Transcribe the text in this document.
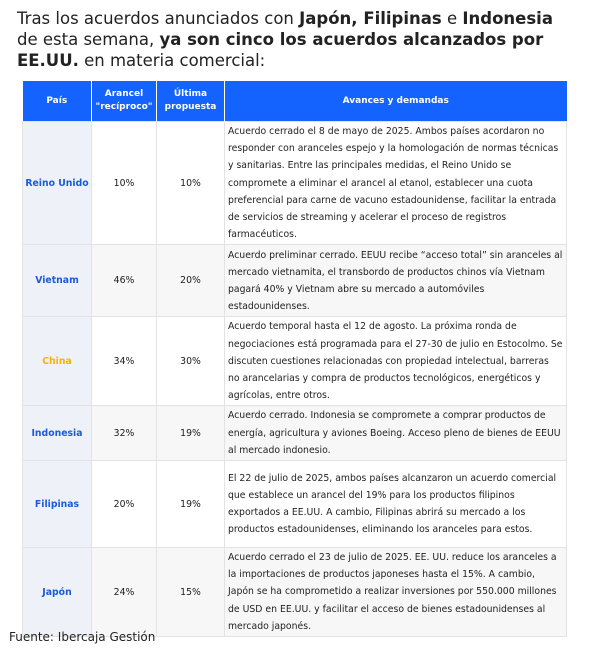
Tras los acuerdos anunciados con Japón, Filipinas e Indonesia de esta semana, ya son cinco los acuerdos alcanzados por EE.UU. en materia comercial:
País	Arancel "recíproco"	Última propuesta	Avances y demandas
Reino Unido	10%	10%	Acuerdo cerrado el 8 de mayo de 2025. Ambos países acordaron no responder con aranceles espejo y la homologación de normas técnicas y sanitarias. Entre las principales medidas, el Reino Unido se compromete a eliminar el arancel al etanol, establecer una cuota preferencial para carne de vacuno estadounidense, facilitar la entrada de servicios de streaming y acelerar el proceso de registros farmacéuticos.
Vietnam	46%	20%	Acuerdo preliminar cerrado. EEUU recibe “acceso total” sin aranceles al mercado vietnamita, el transbordo de productos chinos vía Vietnam pagará 40% y Vietnam abre su mercado a automóviles estadounidenses.
China	34%	30%	Acuerdo temporal hasta el 12 de agosto. La próxima ronda de negociaciones está programada para el 27-30 de julio en Estocolmo. Se discuten cuestiones relacionadas con propiedad intelectual, barreras no arancelarias y compra de productos tecnológicos, energéticos y agrícolas, entre otros.
Indonesia	32%	19%	Acuerdo cerrado. Indonesia se compromete a comprar productos de energía, agricultura y aviones Boeing. Acceso pleno de bienes de EEUU al mercado indonesio.
Filipinas	20%	19%	El 22 de julio de 2025, ambos países alcanzaron un acuerdo comercial que establece un arancel del 19% para los productos filipinos exportados a EE.UU. A cambio, Filipinas abrirá su mercado a los productos estadounidenses, eliminando los aranceles para estos.
Japón	24%	15%	Acuerdo cerrado el 23 de julio de 2025. EE. UU. reduce los aranceles a la importaciones de productos japoneses hasta el 15%. A cambio, Japón se ha comprometido a realizar inversiones por 550.000 millones de USD en EE.UU. y facilitar el acceso de bienes estadounidenses al mercado japonés.
Fuente: Ibercaja Gestión
